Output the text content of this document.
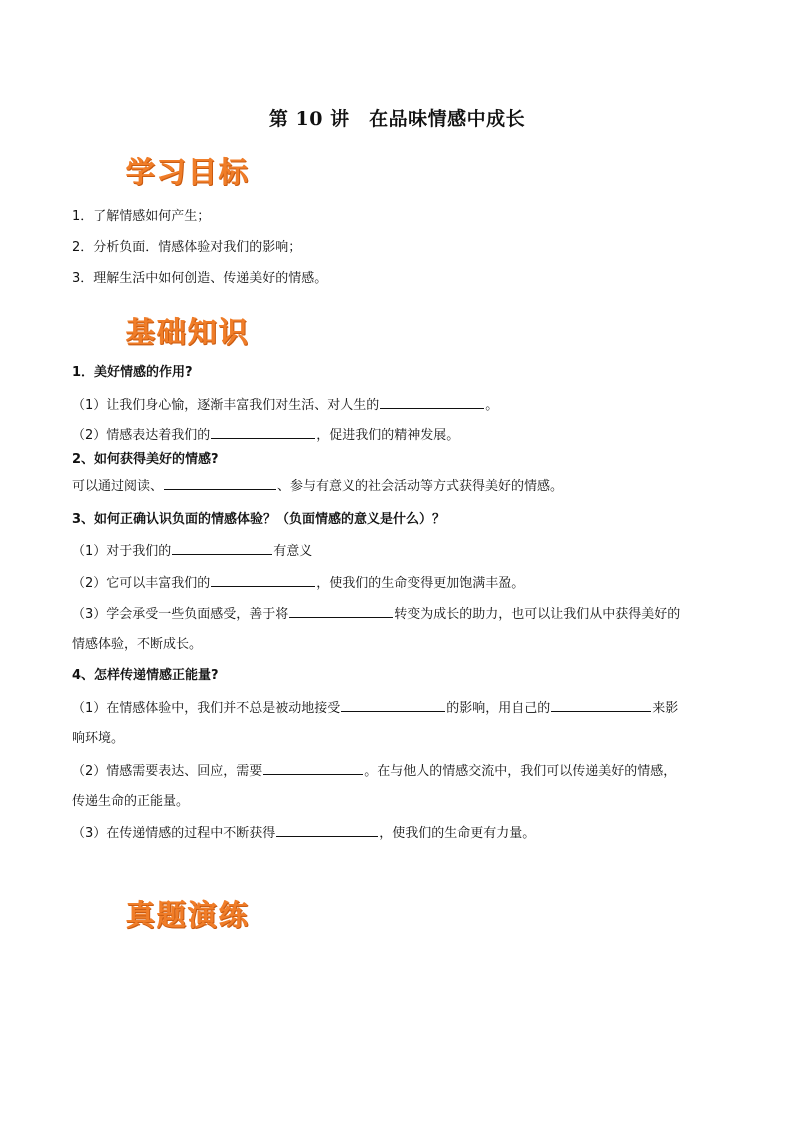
第 10 讲　在品味情感中成长
学习目标
1．了解情感如何产生；
2．分析负面．情感体验对我们的影响；
3．理解生活中如何创造、传递美好的情感。
基础知识
1．美好情感的作用?
（1）让我们身心愉，逐渐丰富我们对生活、对人生的	。
（2）情感表达着我们的	，促进我们的精神发展。
2、如何获得美好的情感?
可以通过阅读、	、参与有意义的社会活动等方式获得美好的情感。
3、如何正确认识负面的情感体验？（负面情感的意义是什么）？
（1）对于我们的	有意义
（2）它可以丰富我们的	，使我们的生命变得更加饱满丰盈。
（3）学会承受一些负面感受，善于将	转变为成长的助力，也可以让我们从中获得美好的
情感体验，不断成长。
4、怎样传递情感正能量?
（1）在情感体验中，我们并不总是被动地接受	的影响，用自己的	来影
响环境。
（2）情感需要表达、回应，需要	。在与他人的情感交流中，我们可以传递美好的情感，
传递生命的正能量。
（3）在传递情感的过程中不断获得	，使我们的生命更有力量。
真题演练
